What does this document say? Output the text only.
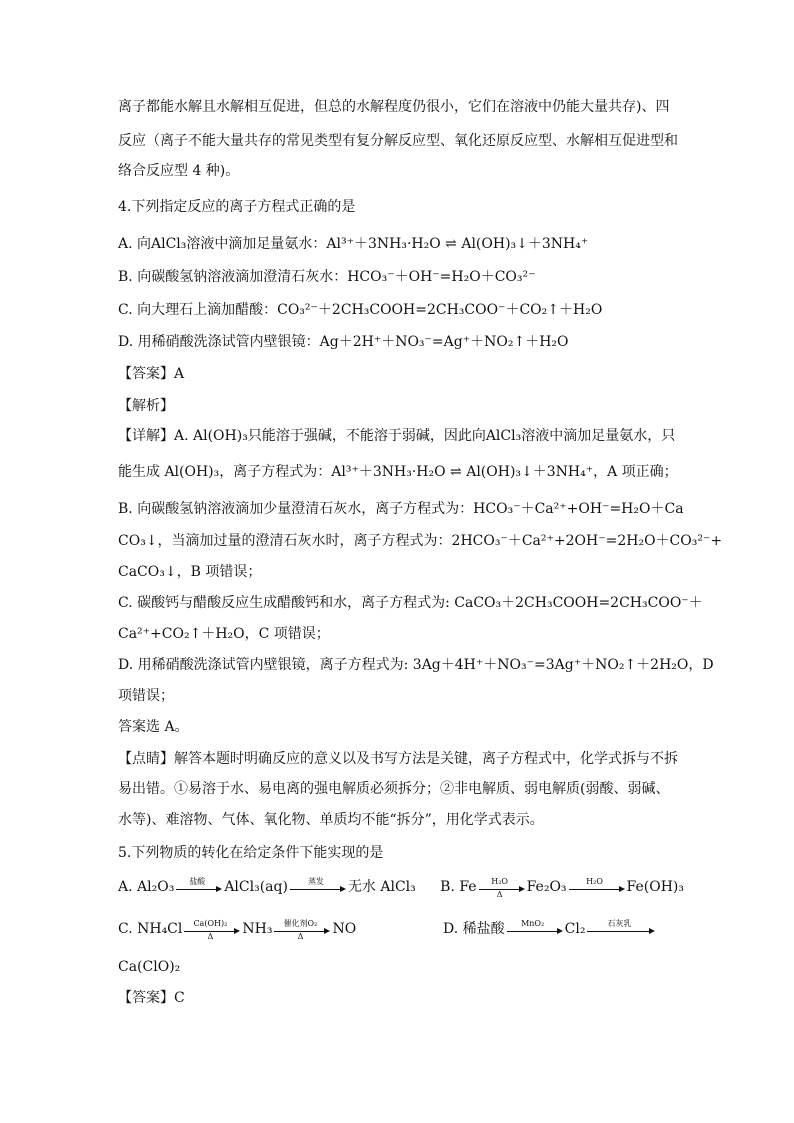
离子都能水解且水解相互促进，但总的水解程度仍很小，它们在溶液中仍能大量共存)、四
反应（离子不能大量共存的常见类型有复分解反应型、氧化还原反应型、水解相互促进型和
络合反应型 4 种)。
4.下列指定反应的离子方程式正确的是
A. 向AlCl₃溶液中滴加足量氨水：Al³⁺＋3NH₃·H₂O ⇌ Al(OH)₃↓＋3NH₄⁺
B. 向碳酸氢钠溶液滴加澄清石灰水：HCO₃⁻＋OH⁻=H₂O＋CO₃²⁻
C. 向大理石上滴加醋酸：CO₃²⁻＋2CH₃COOH=2CH₃COO⁻＋CO₂↑＋H₂O
D. 用稀硝酸洗涤试管内壁银镜：Ag＋2H⁺＋NO₃⁻=Ag⁺＋NO₂↑＋H₂O
【答案】A
【解析】
【详解】A. Al(OH)₃只能溶于强碱，不能溶于弱碱，因此向AlCl₃溶液中滴加足量氨水，只
能生成 Al(OH)₃，离子方程式为：Al³⁺＋3NH₃·H₂O ⇌ Al(OH)₃↓＋3NH₄⁺，A 项正确；
B. 向碳酸氢钠溶液滴加少量澄清石灰水，离子方程式为：HCO₃⁻＋Ca²⁺+OH⁻=H₂O＋Ca
CO₃↓，当滴加过量的澄清石灰水时，离子方程式为：2HCO₃⁻＋Ca²⁺+2OH⁻=2H₂O＋CO₃²⁻+
CaCO₃↓，B 项错误；
C. 碳酸钙与醋酸反应生成醋酸钙和水，离子方程式为: CaCO₃＋2CH₃COOH=2CH₃COO⁻＋
Ca²⁺+CO₂↑＋H₂O，C 项错误；
D. 用稀硝酸洗涤试管内壁银镜，离子方程式为: 3Ag＋4H⁺＋NO₃⁻=3Ag⁺＋NO₂↑＋2H₂O，D
项错误；
答案选 A。
【点睛】解答本题时明确反应的意义以及书写方法是关键，离子方程式中，化学式拆与不拆
易出错。①易溶于水、易电离的强电解质必须拆分；②非电解质、弱电解质(弱酸、弱碱、
水等)、难溶物、气体、氧化物、单质均不能“拆分”，用化学式表示。
5.下列物质的转化在给定条件下能实现的是
A. Al₂O₃	盐酸	AlCl₃(aq)	蒸发	无水 AlCl₃	B. Fe	H₂O
Δ	Fe₂O₃	H₂O	Fe(OH)₃
C. NH₄Cl	Ca(OH)₂
Δ	NH₃	催化剂O₂
Δ	NO	D. 稀盐酸	MnO₂	Cl₂	石灰乳
Ca(ClO)₂
【答案】C
